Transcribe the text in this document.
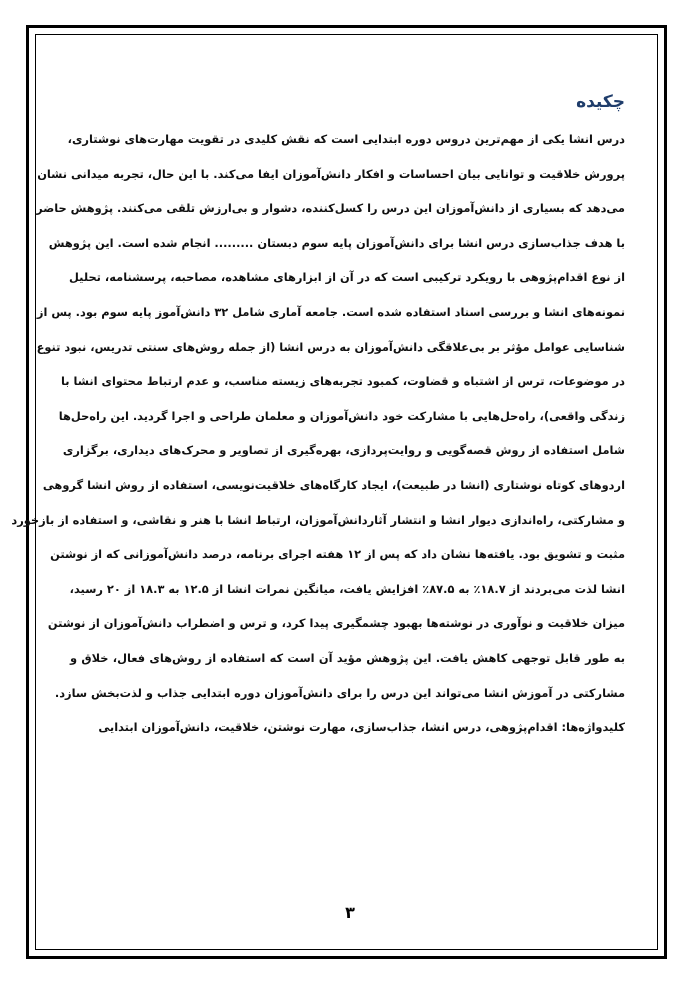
چکیده
درس انشا یکی از مهم‌ترین دروس دوره ابتدایی است که نقش کلیدی در تقویت مهارت‌های نوشتاری،
پرورش خلاقیت و توانایی بیان احساسات و افکار دانش‌آموزان ایفا می‌کند. با این حال، تجربه میدانی نشان
می‌دهد که بسیاری از دانش‌آموزان این درس را کسل‌کننده، دشوار و بی‌ارزش تلقی می‌کنند. پژوهش حاضر
با هدف جذاب‌سازی درس انشا برای دانش‌آموزان پایه سوم دبستان ......... انجام شده است. این پژوهش
از نوع اقدام‌پژوهی با رویکرد ترکیبی است که در آن از ابزارهای مشاهده، مصاحبه، پرسشنامه، تحلیل
نمونه‌های انشا و بررسی اسناد استفاده شده است. جامعه آماری شامل ۳۲ دانش‌آموز پایه سوم بود. پس از
شناسایی عوامل مؤثر بر بی‌علاقگی دانش‌آموزان به درس انشا (از جمله روش‌های سنتی تدریس، نبود تنوع
در موضوعات، ترس از اشتباه و قضاوت، کمبود تجربه‌های زیسته مناسب، و عدم ارتباط محتوای انشا با
زندگی واقعی)، راه‌حل‌هایی با مشارکت خود دانش‌آموزان و معلمان طراحی و اجرا گردید. این راه‌حل‌ها
شامل استفاده از روش قصه‌گویی و روایت‌پردازی، بهره‌گیری از تصاویر و محرک‌های دیداری، برگزاری
اردوهای کوتاه نوشتاری (انشا در طبیعت)، ایجاد کارگاه‌های خلاقیت‌نویسی، استفاده از روش انشا گروهی
و مشارکتی، راه‌اندازی دیوار انشا و انتشار آثاردانش‌آموزان، ارتباط انشا با هنر و نقاشی، و استفاده از بازخورد
مثبت و تشویق بود. یافته‌ها نشان داد که پس از ۱۲ هفته اجرای برنامه، درصد دانش‌آموزانی که از نوشتن
انشا لذت می‌بردند از ۱۸.۷٪ به ۸۷.۵٪ افزایش یافت، میانگین نمرات انشا از ۱۲.۵ به ۱۸.۳ از ۲۰ رسید،
میزان خلاقیت و نوآوری در نوشته‌ها بهبود چشمگیری پیدا کرد، و ترس و اضطراب دانش‌آموزان از نوشتن
به طور قابل توجهی کاهش یافت. این پژوهش مؤید آن است که استفاده از روش‌های فعال، خلاق و
مشارکتی در آموزش انشا می‌تواند این درس را برای دانش‌آموزان دوره ابتدایی جذاب و لذت‌بخش سازد.
کلیدواژه‌ها: اقدام‌پژوهی، درس انشا، جذاب‌سازی، مهارت نوشتن، خلاقیت، دانش‌آموزان ابتدایی
۳
